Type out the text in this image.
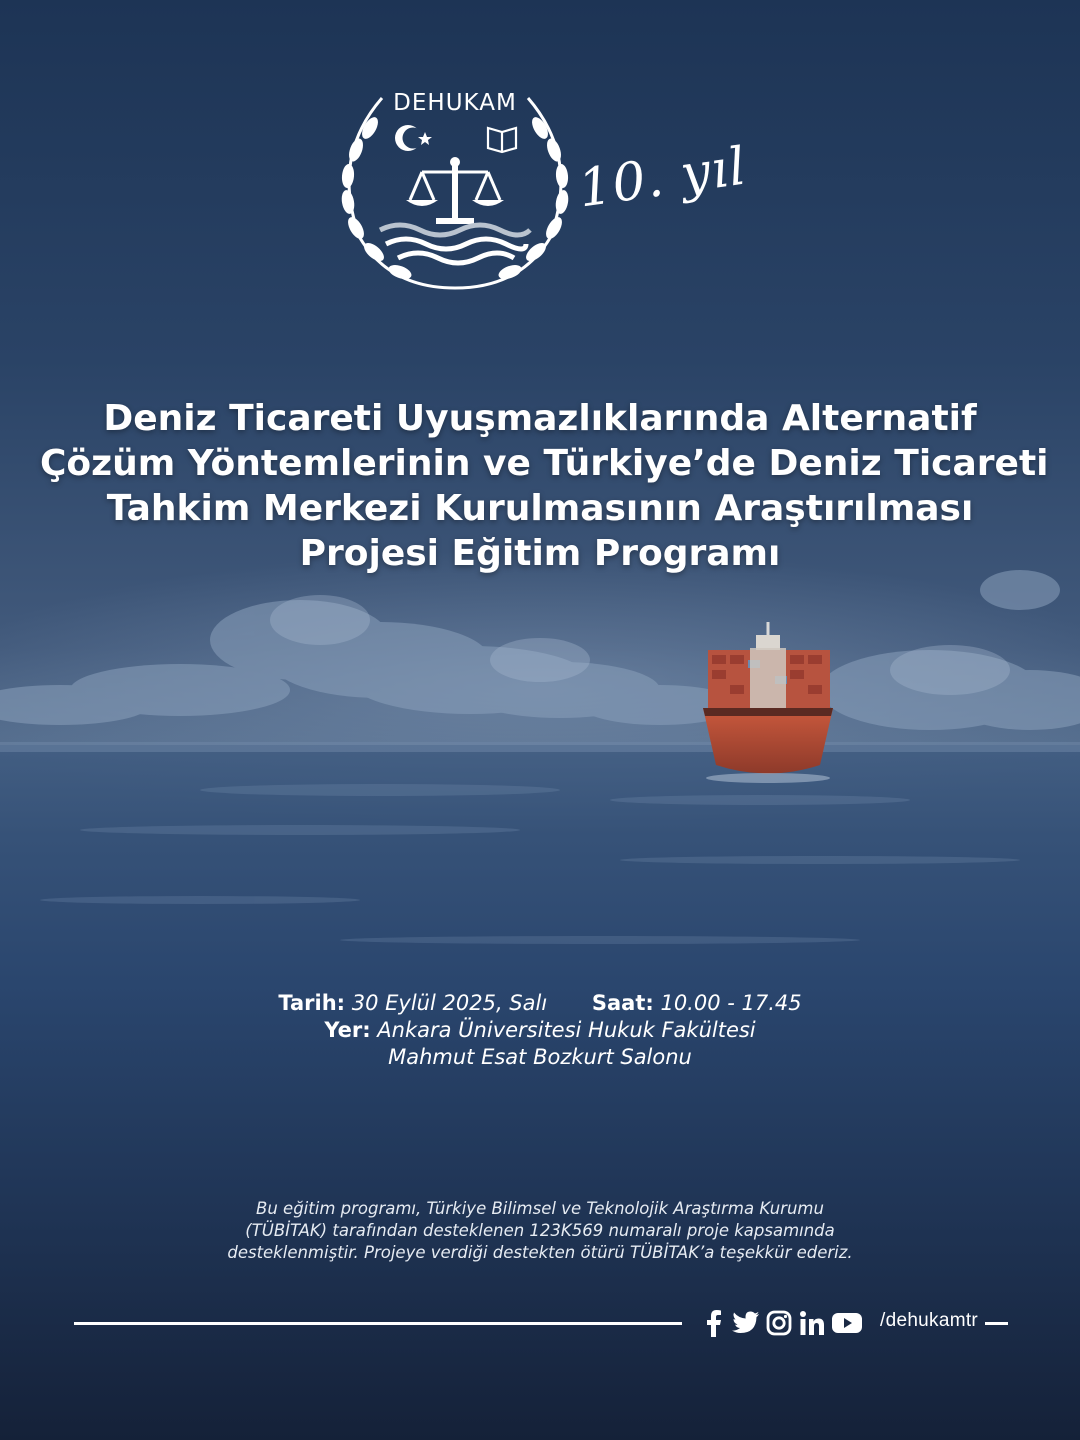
DEHUKAM
10. yıl
Deniz Ticareti Uyuşmazlıklarında Alternatif
Çözüm Yöntemlerinin ve Türkiye’de Deniz Ticareti
Tahkim Merkezi Kurulmasının Araştırılması
Projesi Eğitim Programı
Tarih: 30 Eylül 2025, Salı Saat: 10.00 - 17.45
Yer: Ankara Üniversitesi Hukuk Fakültesi
Mahmut Esat Bozkurt Salonu
Bu eğitim programı, Türkiye Bilimsel ve Teknolojik Araştırma Kurumu
(TÜBİTAK) tarafından desteklenen 123K569 numaralı proje kapsamında
desteklenmiştir. Projeye verdiği destekten ötürü TÜBİTAK’a teşekkür ederiz.
/dehukamtr
